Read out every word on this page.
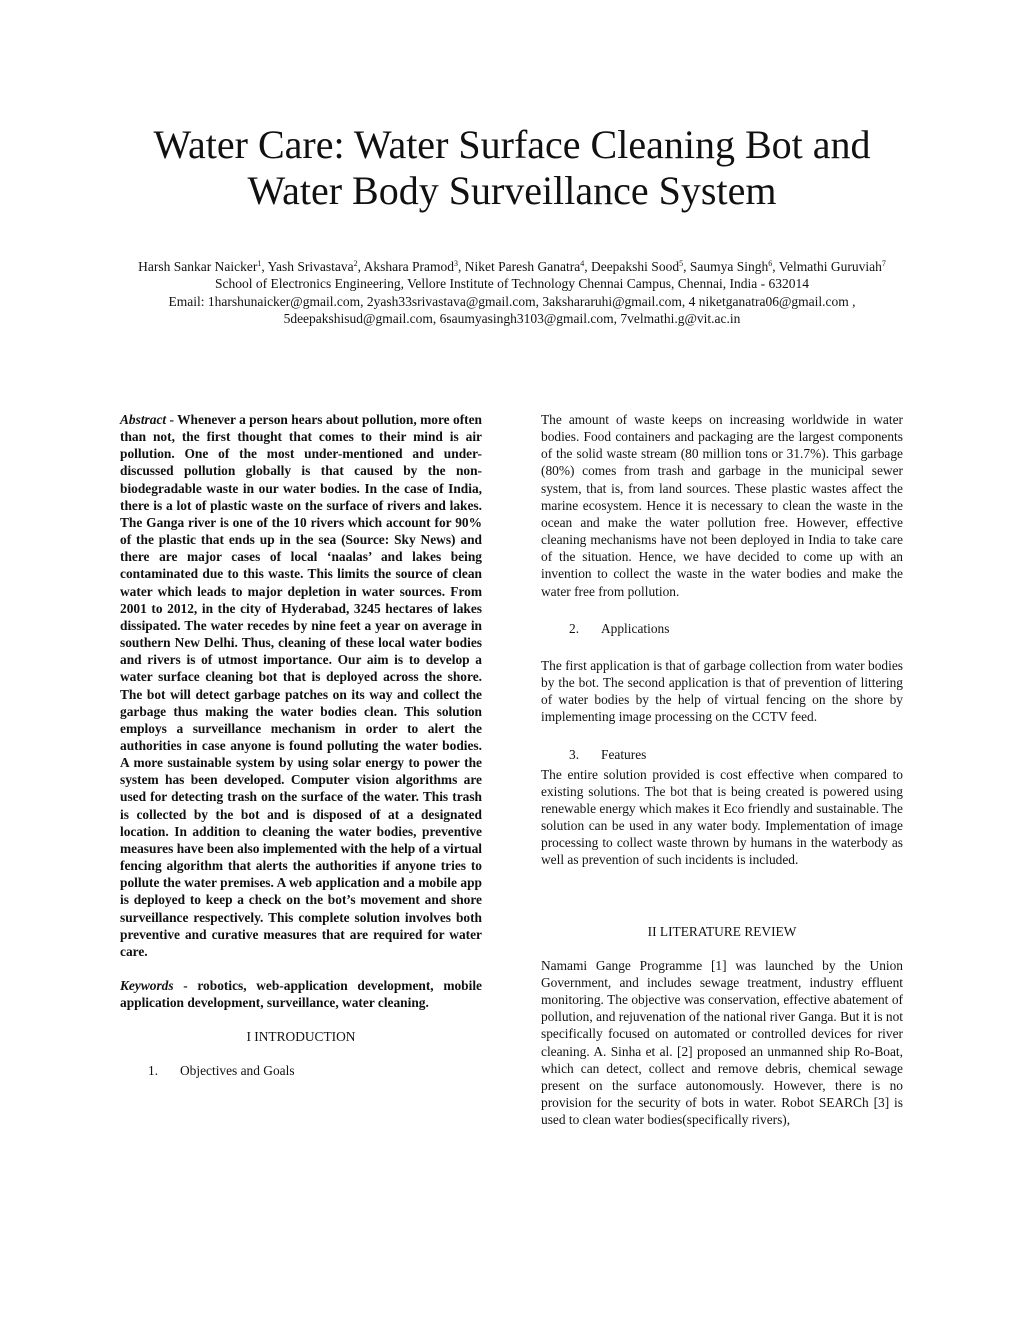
Water Care: Water Surface Cleaning Bot and
Water Body Surveillance System
Harsh Sankar Naicker$^1$, Yash Srivastava$^2$, Akshara Pramod$^3$, Niket Paresh Ganatra$^4$, Deepakshi Sood$^5$, Saumya Singh$^6$, Velmathi Guruviah$^7$
School of Electronics Engineering, Vellore Institute of Technology Chennai Campus, Chennai, India - 632014
Email: 1harshunaicker@gmail.com, 2yash33srivastava@gmail.com, 3akshararuhi@gmail.com, 4 niketganatra06@gmail.com ,
5deepakshisud@gmail.com, 6saumyasingh3103@gmail.com, 7velmathi.g@vit.ac.in

Abstract - Whenever a person hears about pollution, more often than not, the first thought that comes to their mind is air pollution. One of the most under-mentioned and under-discussed pollution globally is that caused by the non-biodegradable waste in our water bodies. In the case of India, there is a lot of plastic waste on the surface of rivers and lakes. The Ganga river is one of the 10 rivers which account for 90% of the plastic that ends up in the sea (Source: Sky News) and there are major cases of local ‘naalas’ and lakes being contaminated due to this waste. This limits the source of clean water which leads to major depletion in water sources. From 2001 to 2012, in the city of Hyderabad, 3245 hectares of lakes dissipated. The water recedes by nine feet a year on average in southern New Delhi. Thus, cleaning of these local water bodies and rivers is of utmost importance. Our aim is to develop a water surface cleaning bot that is deployed across the shore. The bot will detect garbage patches on its way and collect the garbage thus making the water bodies clean. This solution employs a surveillance mechanism in order to alert the authorities in case anyone is found polluting the water bodies. A more sustainable system by using solar energy to power the system has been developed. Computer vision algorithms are used for detecting trash on the surface of the water. This trash is collected by the bot and is disposed of at a designated location. In addition to cleaning the water bodies, preventive measures have been also implemented with the help of a virtual fencing algorithm that alerts the authorities if anyone tries to pollute the water premises. A web application and a mobile app is deployed to keep a check on the bot’s movement and shore surveillance respectively. This complete solution involves both preventive and curative measures that are required for water care.

Keywords - robotics, web-application development, mobile application development, surveillance, water cleaning.

I INTRODUCTION

1. Objectives and Goals

The amount of waste keeps on increasing worldwide in water bodies. Food containers and packaging are the largest components of the solid waste stream (80 million tons or 31.7%). This garbage (80%) comes from trash and garbage in the municipal sewer system, that is, from land sources. These plastic wastes affect the marine ecosystem. Hence it is necessary to clean the waste in the ocean and make the water pollution free. However, effective cleaning mechanisms have not been deployed in India to take care of the situation. Hence, we have decided to come up with an invention to collect the waste in the water bodies and make the water free from pollution.

2. Applications

The first application is that of garbage collection from water bodies by the bot. The second application is that of prevention of littering of water bodies by the help of virtual fencing on the shore by implementing image processing on the CCTV feed.

3. Features

The entire solution provided is cost effective when compared to existing solutions. The bot that is being created is powered using renewable energy which makes it Eco friendly and sustainable. The solution can be used in any water body. Implementation of image processing to collect waste thrown by humans in the waterbody as well as prevention of such incidents is included.

II LITERATURE REVIEW

Namami Gange Programme [1] was launched by the Union Government, and includes sewage treatment, industry effluent monitoring. The objective was conservation, effective abatement of pollution, and rejuvenation of the national river Ganga. But it is not specifically focused on automated or controlled devices for river cleaning. A. Sinha et al. [2] proposed an unmanned ship Ro-Boat, which can detect, collect and remove debris, chemical sewage present on the surface autonomously. However, there is no provision for the security of bots in water. Robot SEARCh [3] is used to clean water bodies(specifically rivers),
